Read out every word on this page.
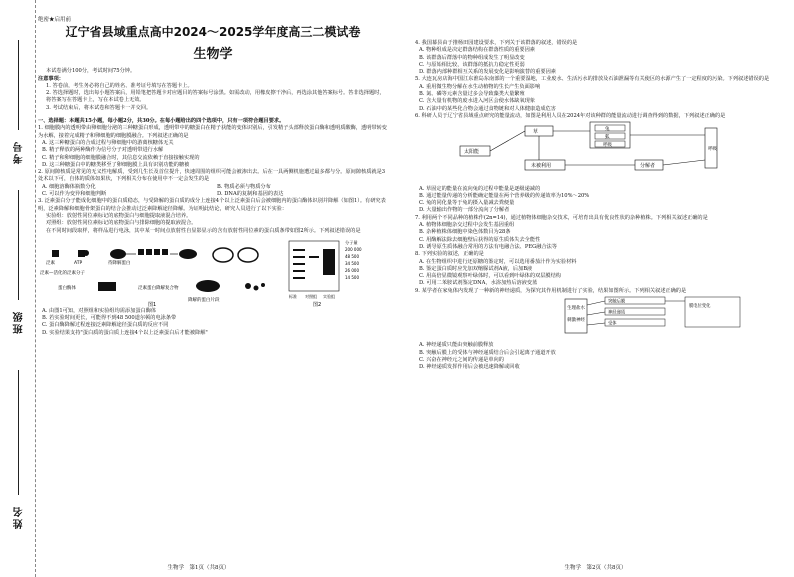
考号
班级
姓名
绝密★启用前
辽宁省县域重点高中2024～2025学年度高三二模试卷
生物学

本试卷满分100分，考试时间75分钟。

注意事项：

1. 答卷前，考生务必将自己的姓名、准考证号填写在答题卡上。

2. 答选择题时，选出每小题答案后，用铅笔把答题卡对应题目的答案标号涂黑。如需改动，用橡皮擦干净后，再选涂其他答案标号。答非选择题时，将答案写在答题卡上，写在本试卷上无效。

3. 考试结束后，将本试卷和答题卡一并交回。

一、选择题：本题共15小题，每小题2分，共30分。在每小题给出的四个选项中，只有一项符合题目要求。

1. 细胞膜内的透明带由卵细胞分泌的三种糖蛋白形成，透明带中的糖蛋白在精子获能的变体识别后，引发精子头部释放蛋白酶和透明质酸酶，透明带转变为水解，接着完成精子和卵细胞的细胞膜融合。下列叙述正确的是

A. 这三种糖蛋白的合成过程与卵细胞中的游离核糖体无关

B. 精子释放的两种酶作为信号分子对透明带进行水解

C. 精子和卵细胞的细胞膜融合时，其信息交流依赖于直接接触实现的

D. 这三种糖蛋白中的糖类移至了卵细胞膜上具有识别功能的糖被

2. 原间隙核质是常见的无义性电解质，受到几生长及首位提升，快速周围的组织可能会被渗出去。后在一具两侧机施遭过最多都与分。原间隙核质就是3处术以下可，自体的质体如果状，下列相关分布在使用中不一定会发生的是

A. 细胞溶酶体瓶数分化	B. 物质必须与物质分布
C. 可以作为变异和细胞判断	D. DNA的复制和基因的表达

3. 泛素蛋白分子能成化细胞中的蛋白质稳态，与受降解的蛋白质的成分上连接4个以上泛素蛋白后会被细胞内的蛋白酶体识别并降解（如图1）。有研究表明，泛素降解和细胞骨架蛋白的结合会推动过泛素降解途径降解。为证明此结论，研究人员进行了以下实验：

实验组：放射性同位素标记的底物蛋白与细胞提取液混合培养。

对照组：放射性同位素标记的底物蛋白与排除细胞的提取液混合。

在不同时间段取样，将样品进行电泳，其中某一时间点放射性自显影显示的含有放射性同位素的蛋白质条带如图2所示。下列叙述错误的是

泛素	ATP
泛素—活化的泛素分子
待降解蛋白
蛋白酶体	泛素蛋白降解复合物
降解的蛋白片段
图1
分子量
200 000
48 500
34 500
26 000
14 500
标准 对照组 实验组
图2

A. 由图1可知，对照组和实验组均需添加蛋白酶体

B. 若实验时间更长，可能得不到48 500道尔顿的电泳条带

C. 蛋白酶降解过程连接泛素降解途径蛋白质的反应不同

D. 实验结果支持"蛋白质的蛋白质上连接4个以上泛素蛋白后才能被降解"

生物学　第1页（共8页）

4. 我国幕县由于推杨田园建设要求，下列关于该群落的叙述，错误的是

A. 物种组成是决定群落结构在群落性质的重要因素

B. 该群落后群落中的物种组成发生了明显改变

C. 与原始相比较，该群落的抵抗力稳定性更弱

D. 群落内部种群相互关系的发展变化是影响演替的重要因素

5. 大连瓦房店海中国江东淮岛东南部的一个重要湿地，工业废水、生活污水的排放及石油泄漏等有关使区的水源产生了一定程度的污染。下列叙述错误的是

A. 重用微生物分解在水生动植物的生长产生负面影响

B. 氮、磷等元素含量过多会导致藻类大量繁殖

C. 含大量有机物的废水进入河区会使水体缺氧现象

D. 石油中的某些化合物会通过食物链和对人体健康造成危害

6. 科研人员于辽宁省县域重点研究的能量流动，如图是利用人员在2024年对该种群的能量流动进行调查得到的数据，下列叙述正确的是

太阳能
草	兔
狐
呼吸
未被利用	分解者
呼吸

A. 草固定的能量在流向兔的过程中能量是逐级递减的

B. 通过能量传递的分析能确定能量在两个营养级的传递效率为10%～20%

C. 兔的同化量等于兔的摄入量减去粪便量

D. 大量输出作物的一部分流向了分解者

7. 利用两个不同品种的植株作(2n=14)，通过植物体细胞杂交技术，可培育出具有优良性状的杂种植株。下列相关叙述正确的是

A. 植物体细胞杂交过程中会发生基因重组

B. 杂种植株体细胞中染色体数目为28条

C. 用酶解法除去细胞壁后获得的原生质体失去全能性

D. 诱导原生质体融合常用的方法有电融合法、PEG融合法等

8. 下列实验的叙述，正确的是

A. 在生物组织中进行还原糖的鉴定时，可以选用番茄汁作为实验材料

B. 鉴定蛋白质时应先加双缩脲试剂A液，后加B液

C. 用高倍显微镜观察叶绿体时，可以看到叶绿体的双层膜结构

D. 可用二苯胺试剂鉴定DNA，水浴加热后溶液变蓝

9. 某学者在家兔体内发现了一种新的神经递质，为探究其作用机制进行了实验，结果如图所示。下列相关叙述正确的是

生理盐水
刺激神经
突触后膜
神经递质
受体
膜电位变化

A. 神经递质只能由突触前膜释放

B. 突触后膜上的受体与神经递质结合后会引起离子通道开放

C. 兴奋在神经元之间的传递是单向的

D. 神经递质发挥作用后会被迅速降解或回收

生物学　第2页（共8页）
